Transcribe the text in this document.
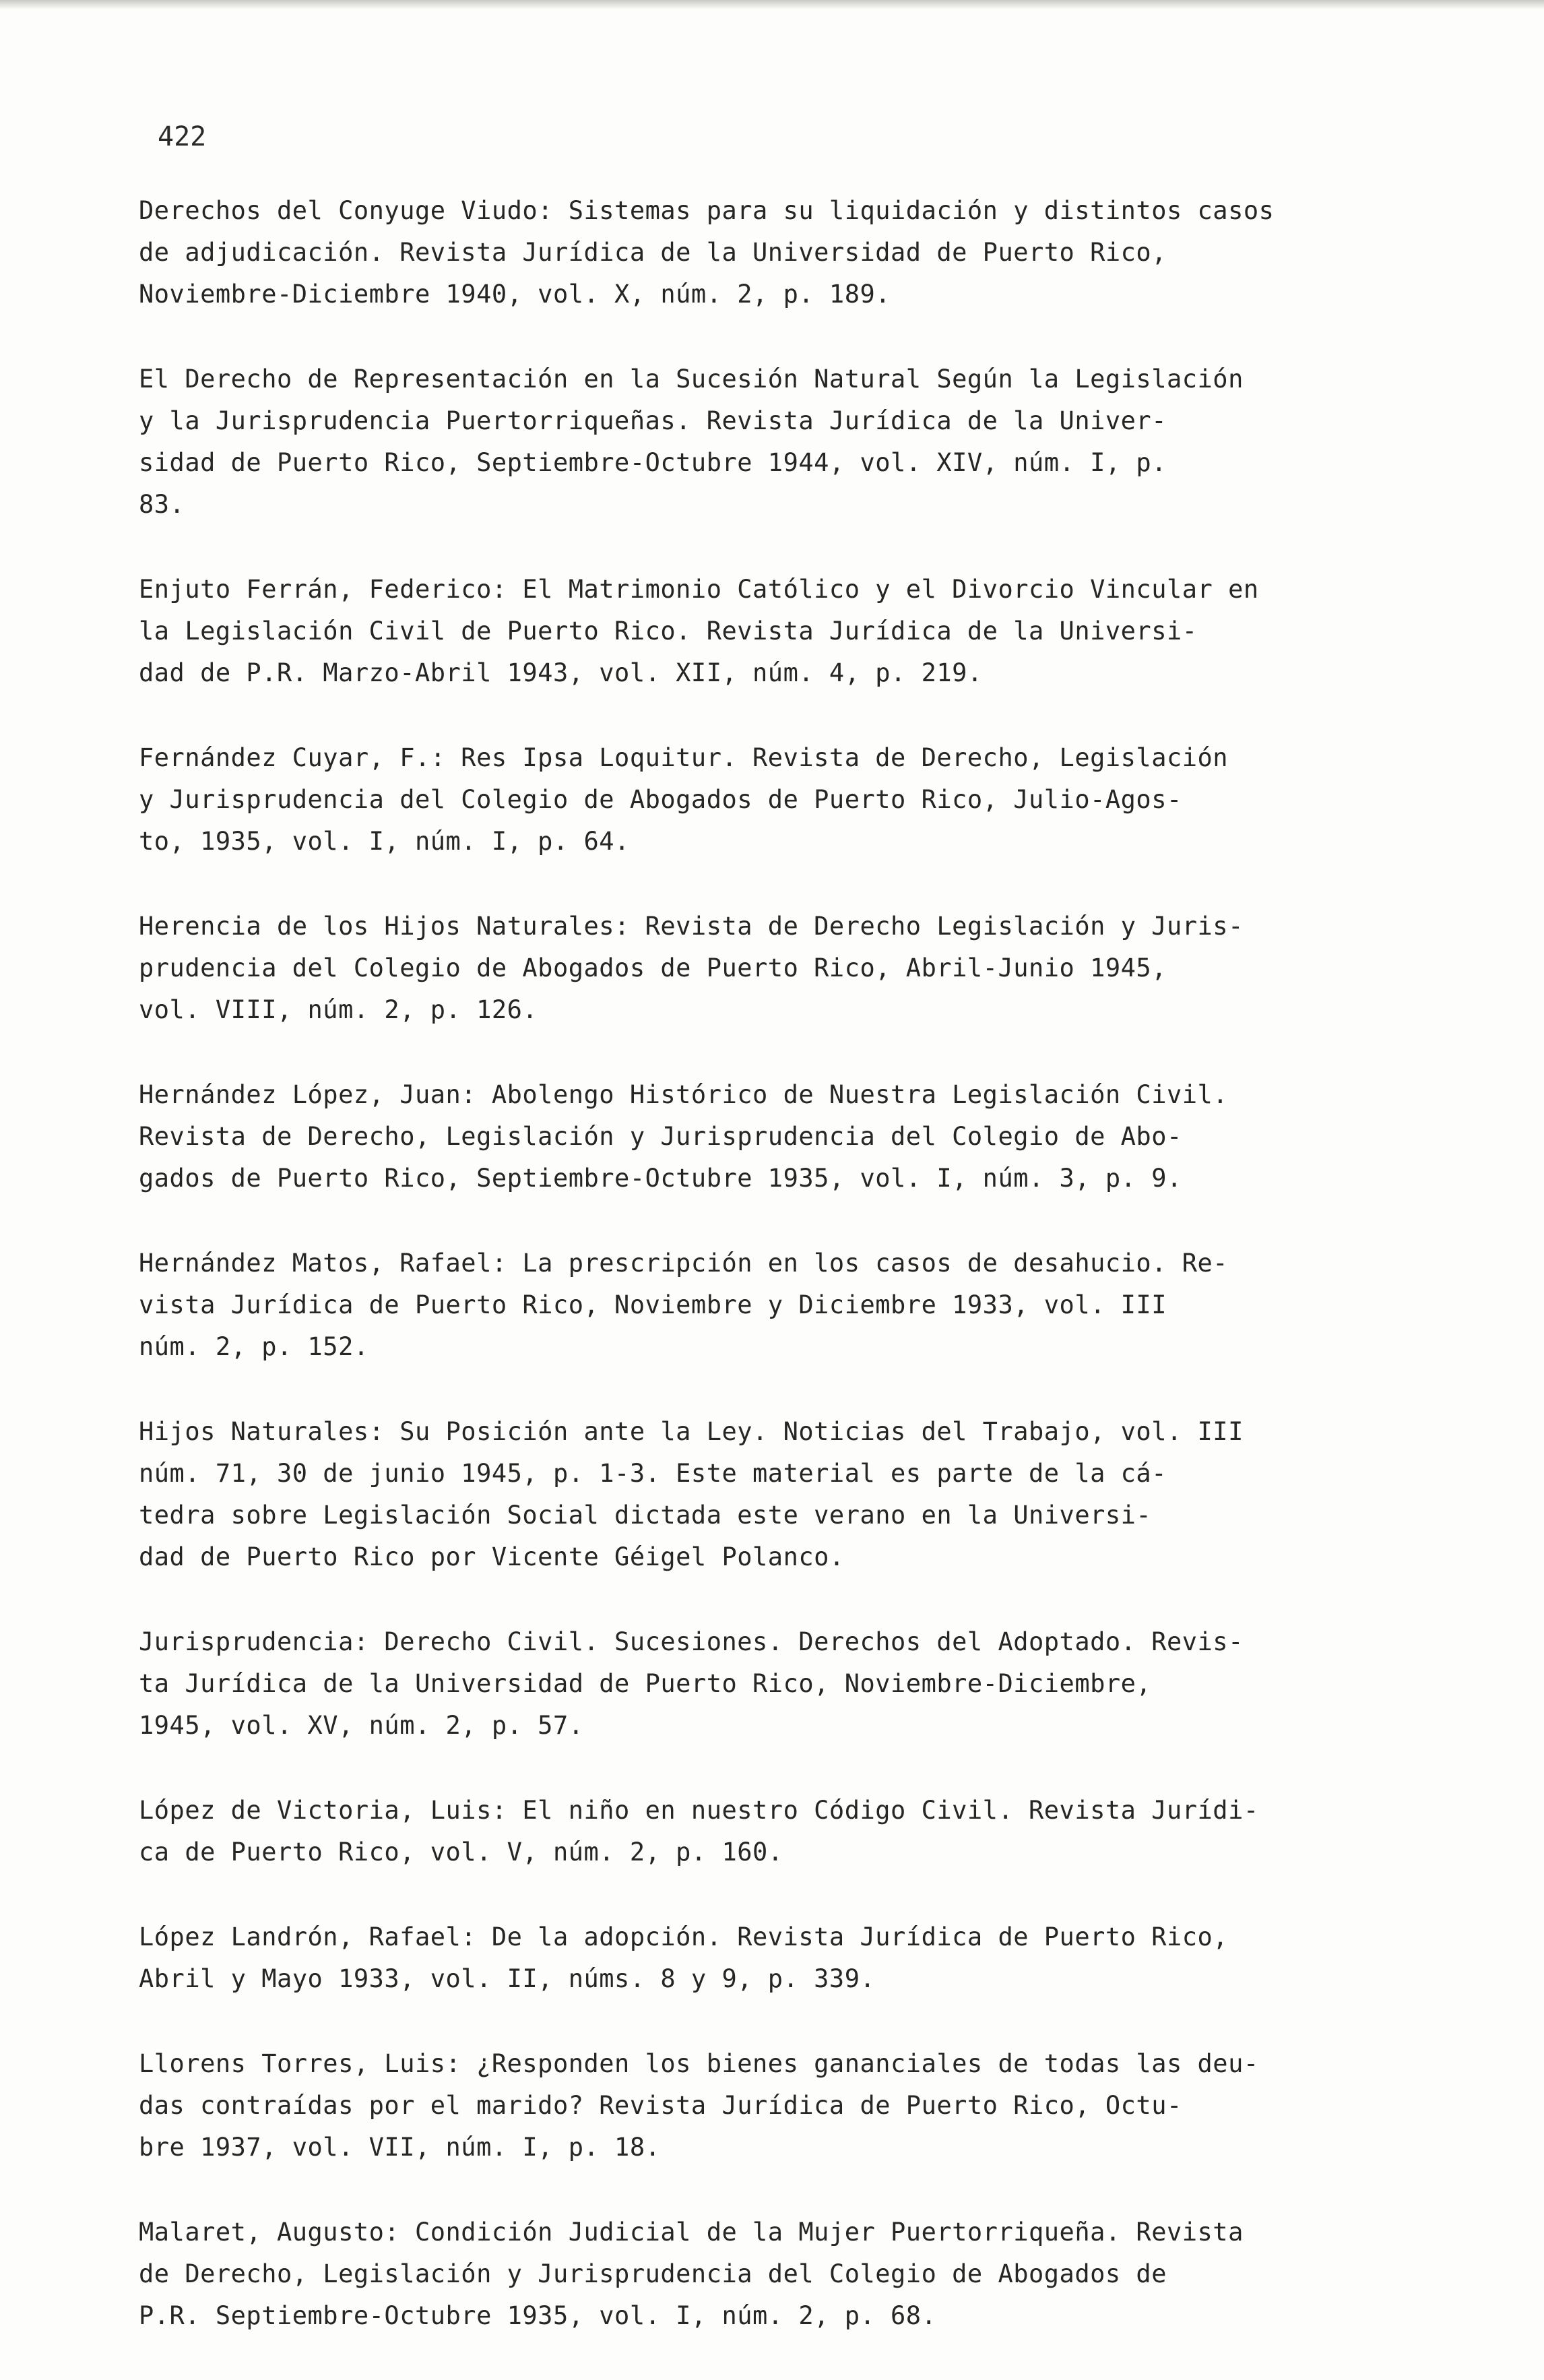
422
Derechos del Conyuge Viudo: Sistemas para su liquidación y distintos casos
de adjudicación. Revista Jurídica de la Universidad de Puerto Rico,
Noviembre-Diciembre 1940, vol. X, núm. 2, p. 189.
El Derecho de Representación en la Sucesión Natural Según la Legislación
y la Jurisprudencia Puertorriqueñas. Revista Jurídica de la Univer-
sidad de Puerto Rico, Septiembre-Octubre 1944, vol. XIV, núm. I, p.
83.
Enjuto Ferrán, Federico: El Matrimonio Católico y el Divorcio Vincular en
la Legislación Civil de Puerto Rico. Revista Jurídica de la Universi-
dad de P.R. Marzo-Abril 1943, vol. XII, núm. 4, p. 219.
Fernández Cuyar, F.: Res Ipsa Loquitur. Revista de Derecho, Legislación
y Jurisprudencia del Colegio de Abogados de Puerto Rico, Julio-Agos-
to, 1935, vol. I, núm. I, p. 64.
Herencia de los Hijos Naturales: Revista de Derecho Legislación y Juris-
prudencia del Colegio de Abogados de Puerto Rico, Abril-Junio 1945,
vol. VIII, núm. 2, p. 126.
Hernández López, Juan: Abolengo Histórico de Nuestra Legislación Civil.
Revista de Derecho, Legislación y Jurisprudencia del Colegio de Abo-
gados de Puerto Rico, Septiembre-Octubre 1935, vol. I, núm. 3, p. 9.
Hernández Matos, Rafael: La prescripción en los casos de desahucio. Re-
vista Jurídica de Puerto Rico, Noviembre y Diciembre 1933, vol. III
núm. 2, p. 152.
Hijos Naturales: Su Posición ante la Ley. Noticias del Trabajo, vol. III
núm. 71, 30 de junio 1945, p. 1-3. Este material es parte de la cá-
tedra sobre Legislación Social dictada este verano en la Universi-
dad de Puerto Rico por Vicente Géigel Polanco.
Jurisprudencia: Derecho Civil. Sucesiones. Derechos del Adoptado. Revis-
ta Jurídica de la Universidad de Puerto Rico, Noviembre-Diciembre,
1945, vol. XV, núm. 2, p. 57.
López de Victoria, Luis: El niño en nuestro Código Civil. Revista Jurídi-
ca de Puerto Rico, vol. V, núm. 2, p. 160.
López Landrón, Rafael: De la adopción. Revista Jurídica de Puerto Rico,
Abril y Mayo 1933, vol. II, núms. 8 y 9, p. 339.
Llorens Torres, Luis: ¿Responden los bienes gananciales de todas las deu-
das contraídas por el marido? Revista Jurídica de Puerto Rico, Octu-
bre 1937, vol. VII, núm. I, p. 18.
Malaret, Augusto: Condición Judicial de la Mujer Puertorriqueña. Revista
de Derecho, Legislación y Jurisprudencia del Colegio de Abogados de
P.R. Septiembre-Octubre 1935, vol. I, núm. 2, p. 68.
